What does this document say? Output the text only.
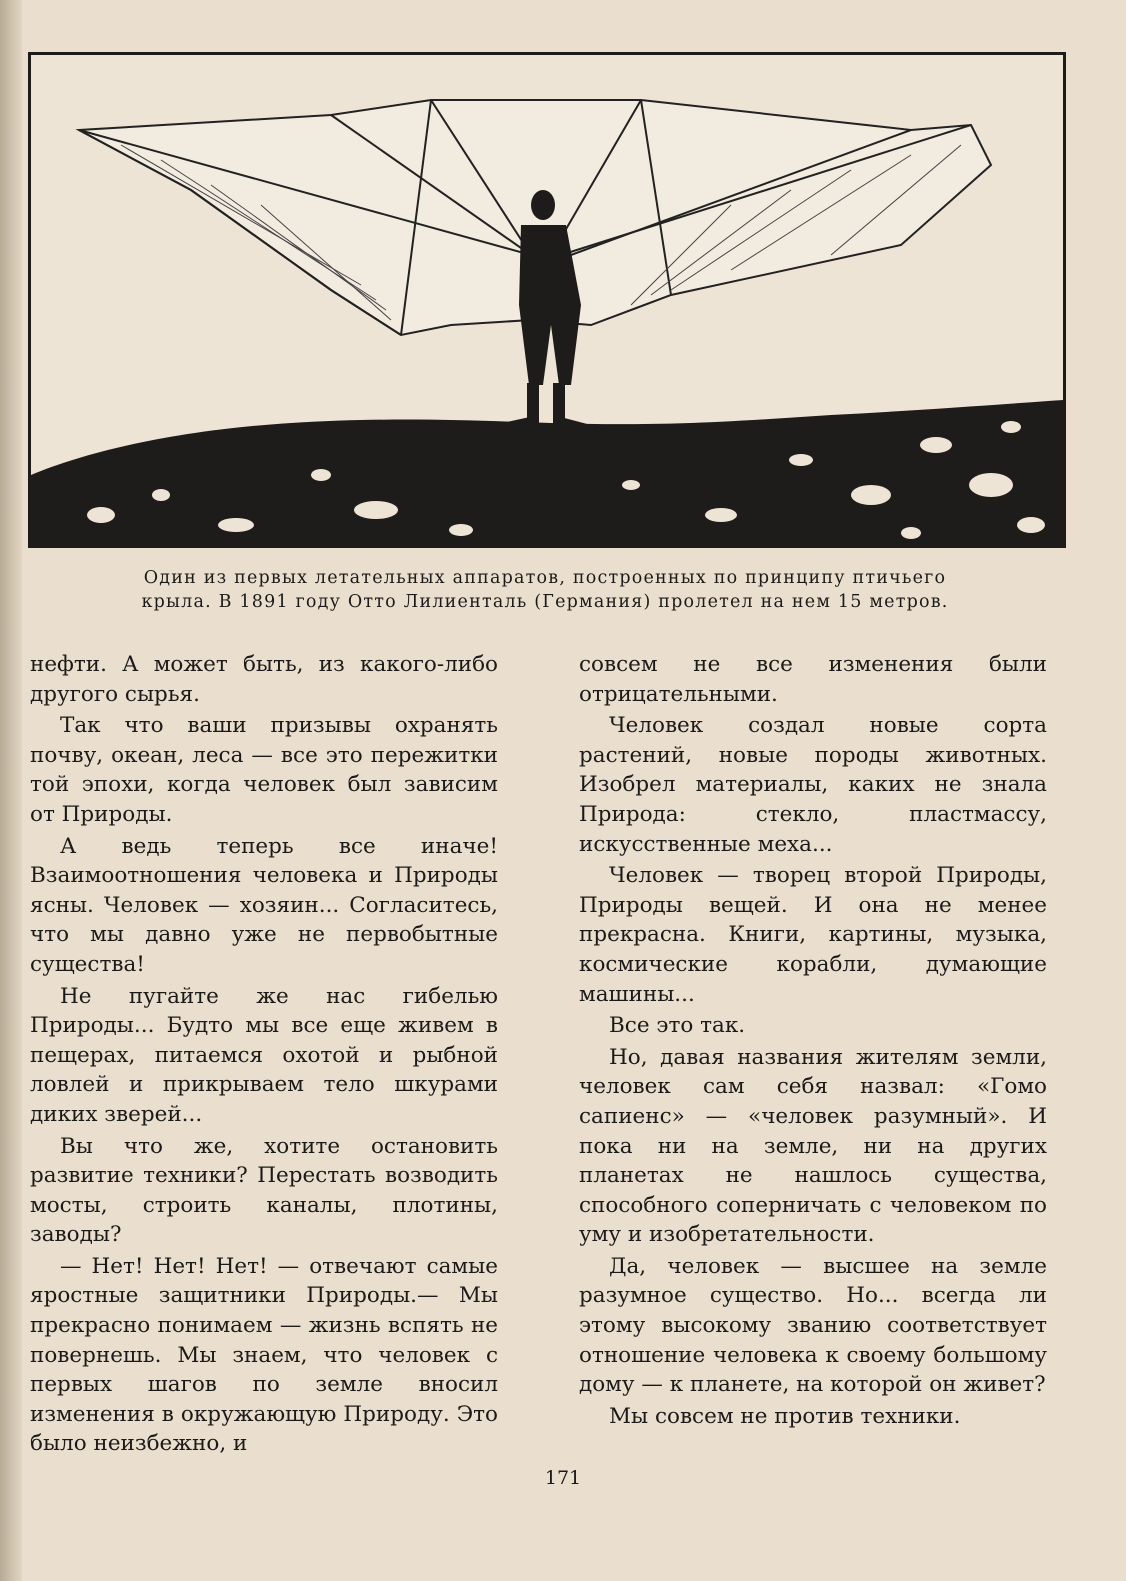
Один из первых летательных аппаратов, построенных по принципу птичьего

крыла. В 1891 году Отто Лилиенталь (Германия) пролетел на нем 15 метров.

нефти. А может быть, из какого-либо другого сырья.

Так что ваши призывы охранять почву, океан, леса — все это пережитки той эпохи, когда человек был зависим от Природы.

А ведь теперь все иначе! Взаимоотношения человека и Природы ясны. Человек — хозяин... Согласитесь, что мы давно уже не первобытные существа!

Не пугайте же нас гибелью Природы... Будто мы все еще живем в пещерах, питаемся охотой и рыбной ловлей и прикрываем тело шкурами диких зверей...

Вы что же, хотите остановить развитие техники? Перестать возводить мосты, строить каналы, плотины, заводы?

— Нет! Нет! Нет! — отвечают самые яростные защитники Природы.— Мы прекрасно понимаем — жизнь вспять не повернешь. Мы знаем, что человек с первых шагов по земле вносил изменения в окружающую Природу. Это было неизбежно, и

совсем не все изменения были отрицательными.

Человек создал новые сорта растений, новые породы животных. Изобрел материалы, каких не знала Природа: стекло, пластмассу, искусственные меха...

Человек — творец второй Природы, Природы вещей. И она не менее прекрасна. Книги, картины, музыка, космические корабли, думающие машины...

Все это так.

Но, давая названия жителям земли, человек сам себя назвал: «Гомо сапиенс» — «человек разумный». И пока ни на земле, ни на других планетах не нашлось существа, способного соперничать с человеком по уму и изобретательности.

Да, человек — высшее на земле разумное существо. Но... всегда ли этому высокому званию соответствует отношение человека к своему большому дому — к планете, на которой он живет?

Мы совсем не против техники.

171
